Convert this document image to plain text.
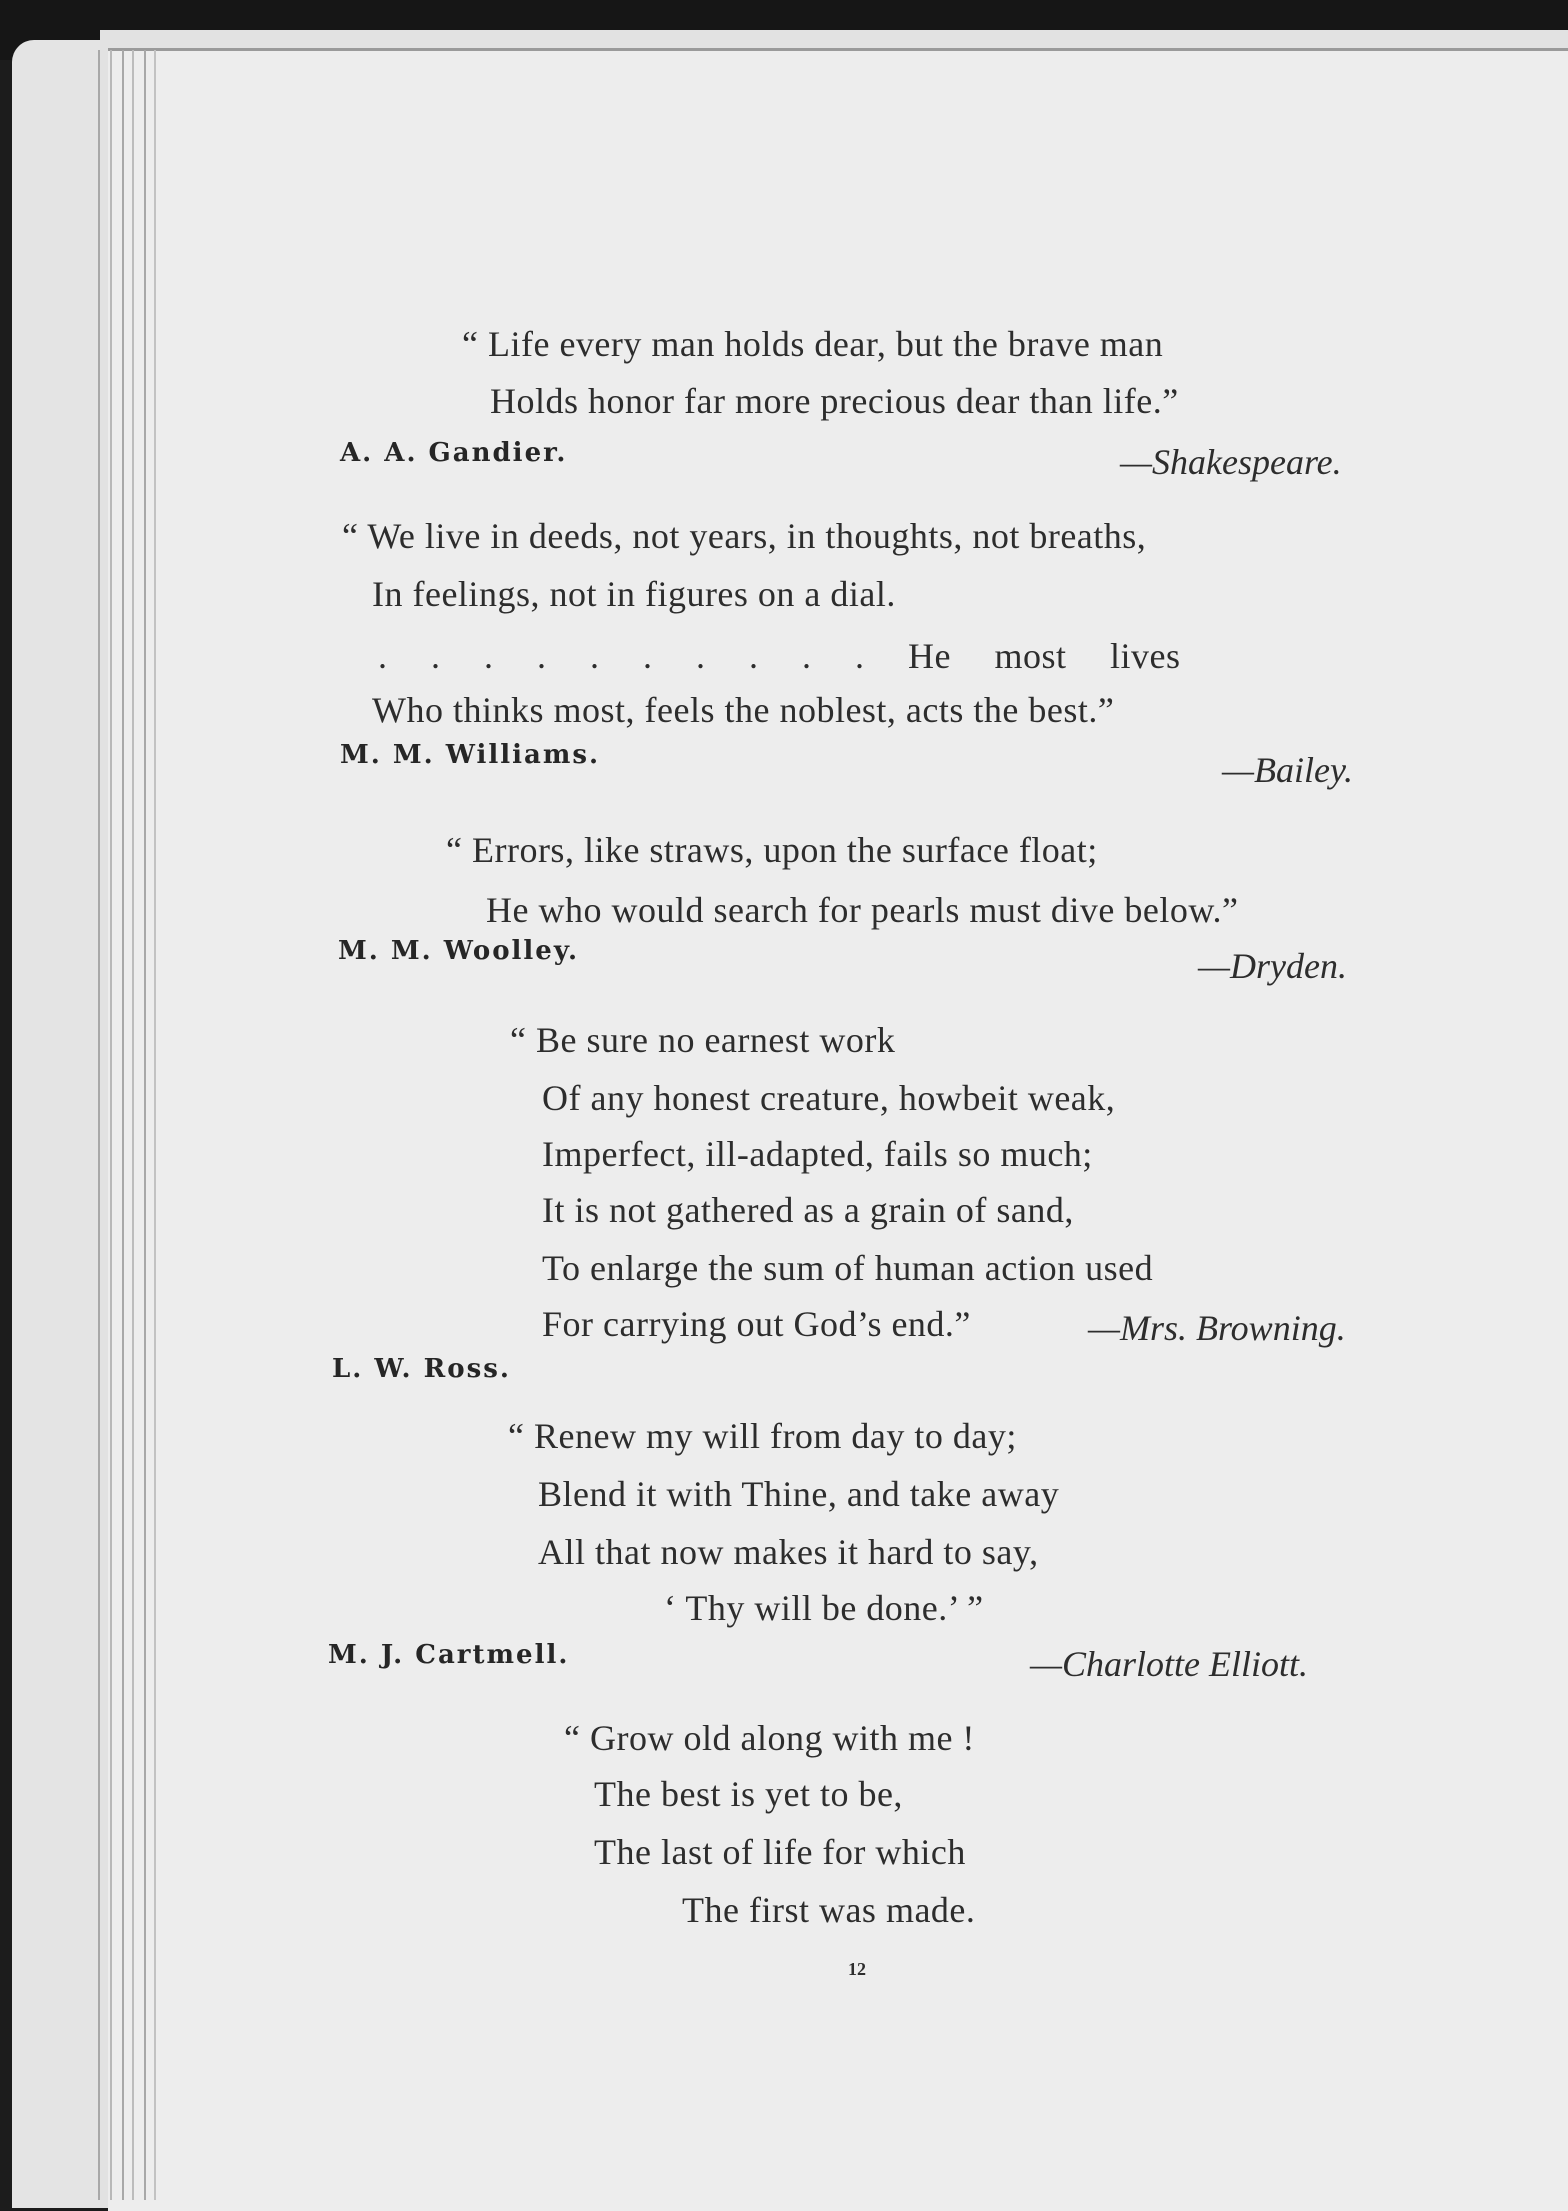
“ Life every man holds dear, but the brave man
Holds honor far more precious dear than life.”
A. A. Gandier.	—Shakespeare.
“ We live in deeds, not years, in thoughts, not breaths,
In feelings, not in figures on a dial.
. . . . . . . . . . He most lives
Who thinks most, feels the noblest, acts the best.”
M. M. Williams.	—Bailey.
“ Errors, like straws, upon the surface float;
He who would search for pearls must dive below.”
M. M. Woolley.	—Dryden.
“ Be sure no earnest work
Of any honest creature, howbeit weak,
Imperfect, ill-adapted, fails so much;
It is not gathered as a grain of sand,
To enlarge the sum of human action used
For carrying out God’s end.”	—Mrs. Browning.
L. W. Ross.
“ Renew my will from day to day;
Blend it with Thine, and take away
All that now makes it hard to say,
‘ Thy will be done.’ ”
M. J. Cartmell.	—Charlotte Elliott.
“ Grow old along with me !
The best is yet to be,
The last of life for which
The first was made.
12
